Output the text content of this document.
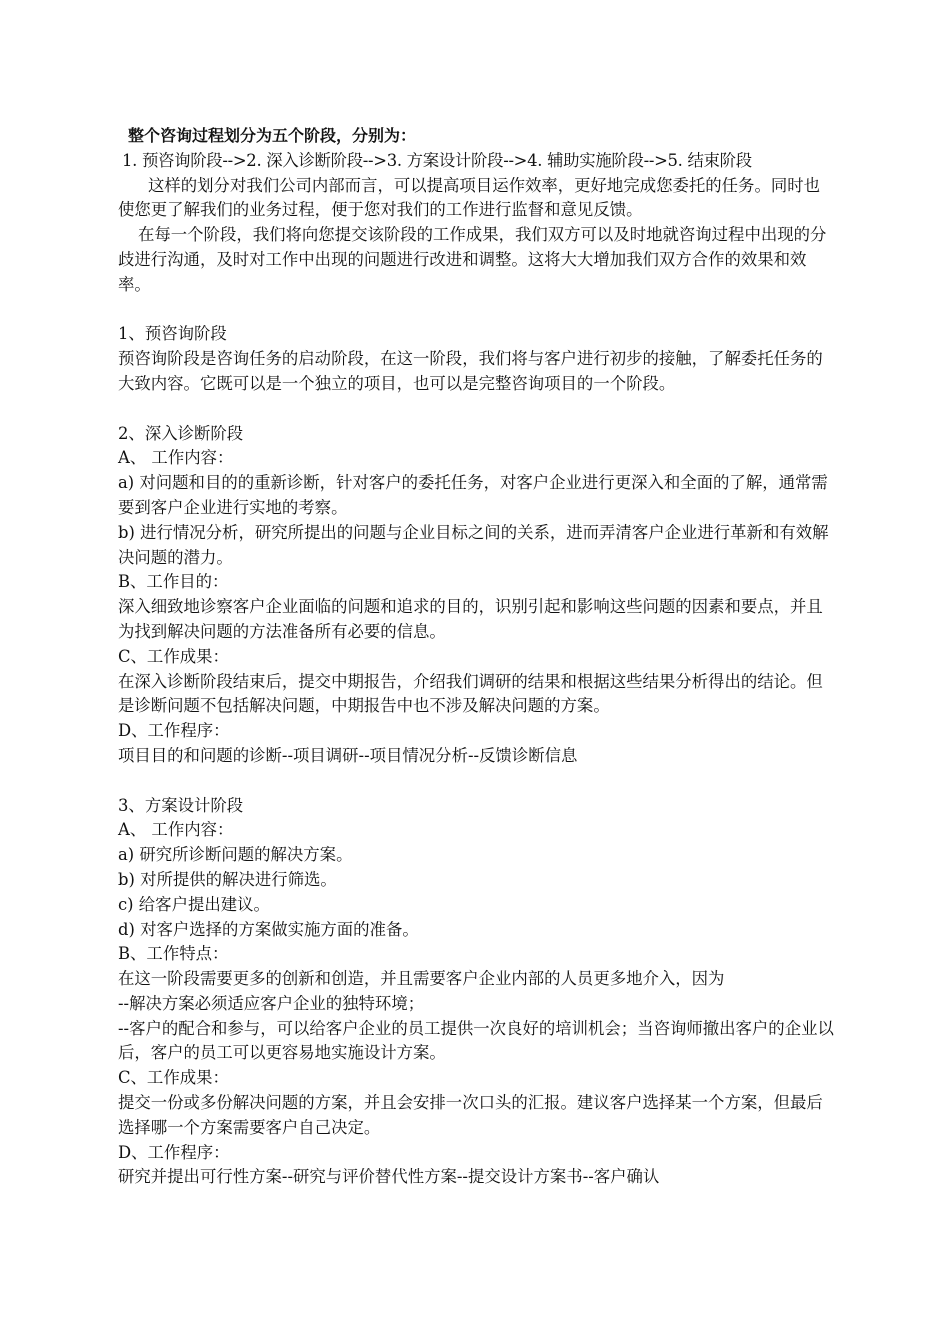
整个咨询过程划分为五个阶段，分别为：

1. 预咨询阶段-->2. 深入诊断阶段-->3. 方案设计阶段-->4. 辅助实施阶段-->5. 结束阶段

这样的划分对我们公司内部而言，可以提高项目运作效率，更好地完成您委托的任务。同时也使您更了解我们的业务过程，便于您对我们的工作进行监督和意见反馈。

在每一个阶段，我们将向您提交该阶段的工作成果，我们双方可以及时地就咨询过程中出现的分歧进行沟通，及时对工作中出现的问题进行改进和调整。这将大大增加我们双方合作的效果和效率。

1、预咨询阶段

预咨询阶段是咨询任务的启动阶段，在这一阶段，我们将与客户进行初步的接触，了解委托任务的大致内容。它既可以是一个独立的项目，也可以是完整咨询项目的一个阶段。

2、深入诊断阶段

A、 工作内容：

a) 对问题和目的的重新诊断，针对客户的委托任务，对客户企业进行更深入和全面的了解，通常需要到客户企业进行实地的考察。

b) 进行情况分析，研究所提出的问题与企业目标之间的关系，进而弄清客户企业进行革新和有效解决问题的潜力。

B、工作目的：

深入细致地诊察客户企业面临的问题和追求的目的，识别引起和影响这些问题的因素和要点，并且为找到解决问题的方法准备所有必要的信息。

C、工作成果：

在深入诊断阶段结束后，提交中期报告，介绍我们调研的结果和根据这些结果分析得出的结论。但是诊断问题不包括解决问题，中期报告中也不涉及解决问题的方案。

D、工作程序：

项目目的和问题的诊断--项目调研--项目情况分析--反馈诊断信息

3、方案设计阶段

A、 工作内容：

a) 研究所诊断问题的解决方案。

b) 对所提供的解决进行筛选。

c) 给客户提出建议。

d) 对客户选择的方案做实施方面的准备。

B、工作特点：

在这一阶段需要更多的创新和创造，并且需要客户企业内部的人员更多地介入，因为

--解决方案必须适应客户企业的独特环境；

--客户的配合和参与，可以给客户企业的员工提供一次良好的培训机会；当咨询师撤出客户的企业以后，客户的员工可以更容易地实施设计方案。

C、工作成果：

提交一份或多份解决问题的方案，并且会安排一次口头的汇报。建议客户选择某一个方案，但最后选择哪一个方案需要客户自己决定。

D、工作程序：

研究并提出可行性方案--研究与评价替代性方案--提交设计方案书--客户确认
